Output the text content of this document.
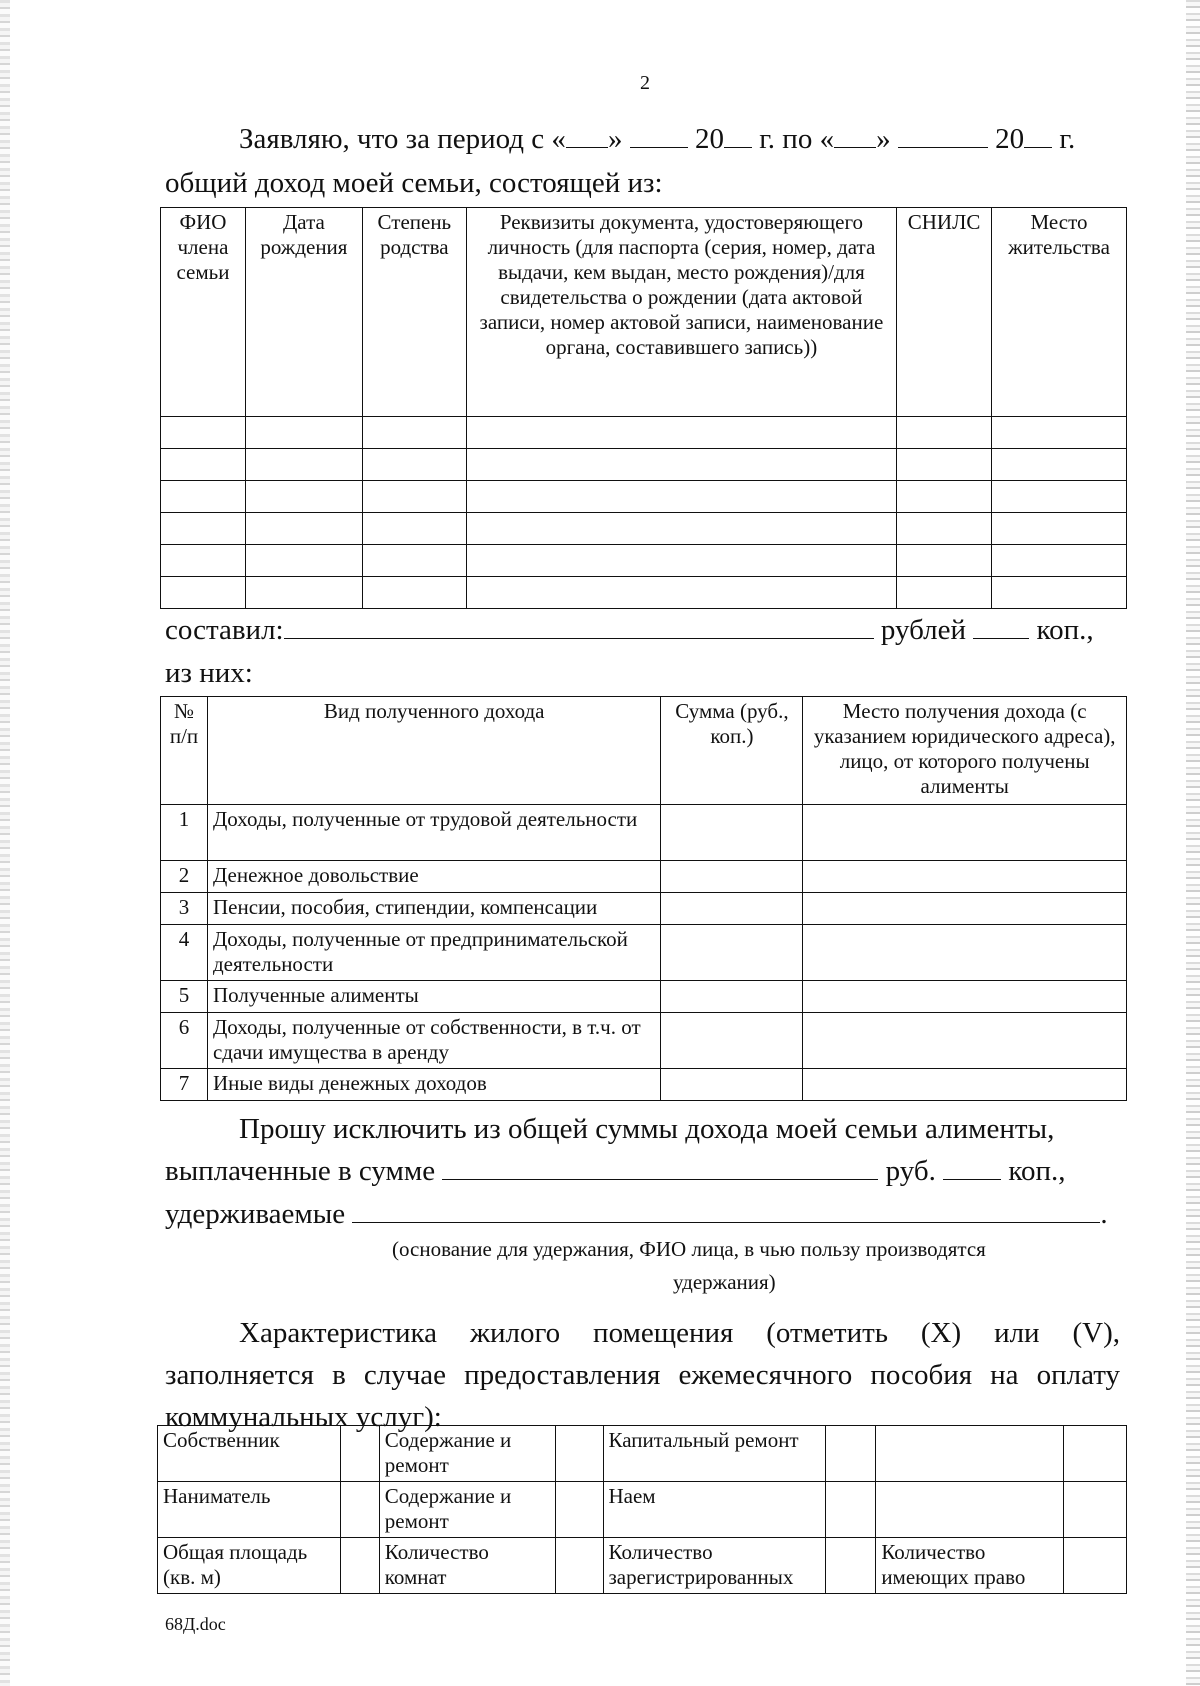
2
Заявляю, что за период с « »	20 г. по « »	20 г.
общий доход моей семьи, состоящей из:
ФИО члена семьи	Дата рождения	Степень родства	Реквизиты документа, удостоверяющего личность (для паспорта (серия, номер, дата выдачи, кем выдан, место рождения)/для свидетельства о рождении (дата актовой записи, номер актовой записи, наименование органа, составившего запись))	СНИЛС	Место жительства

составил:	рублей коп.,
из них:
№ п/п	Вид полученного дохода	Сумма (руб., коп.)	Место получения дохода (с указанием юридического адреса), лицо, от которого получены алименты
1	Доходы, полученные от трудовой деятельности		
2	Денежное довольствие		
3	Пенсии, пособия, стипендии, компенсации		
4	Доходы, полученные от предпринимательской деятельности		
5	Полученные алименты		
6	Доходы, полученные от собственности, в т.ч. от сдачи имущества в аренду		
7	Иные виды денежных доходов		
Прошу исключить из общей суммы дохода моей семьи алименты,
выплаченные в сумме	руб.	коп.,
удерживаемые	.
(основание для удержания, ФИО лица, в чью пользу производятся
удержания)
Характеристика жилого помещения (отметить (X) или (V), заполняется в случае предоставления ежемесячного пособия на оплату коммунальных услуг):
Собственник		Содержание и ремонт		Капитальный ремонт			
Наниматель		Содержание и ремонт		Наем			
Общая площадь (кв. м)		Количество комнат		Количество зарегистрированных		Количество имеющих право	
68Д.doc
